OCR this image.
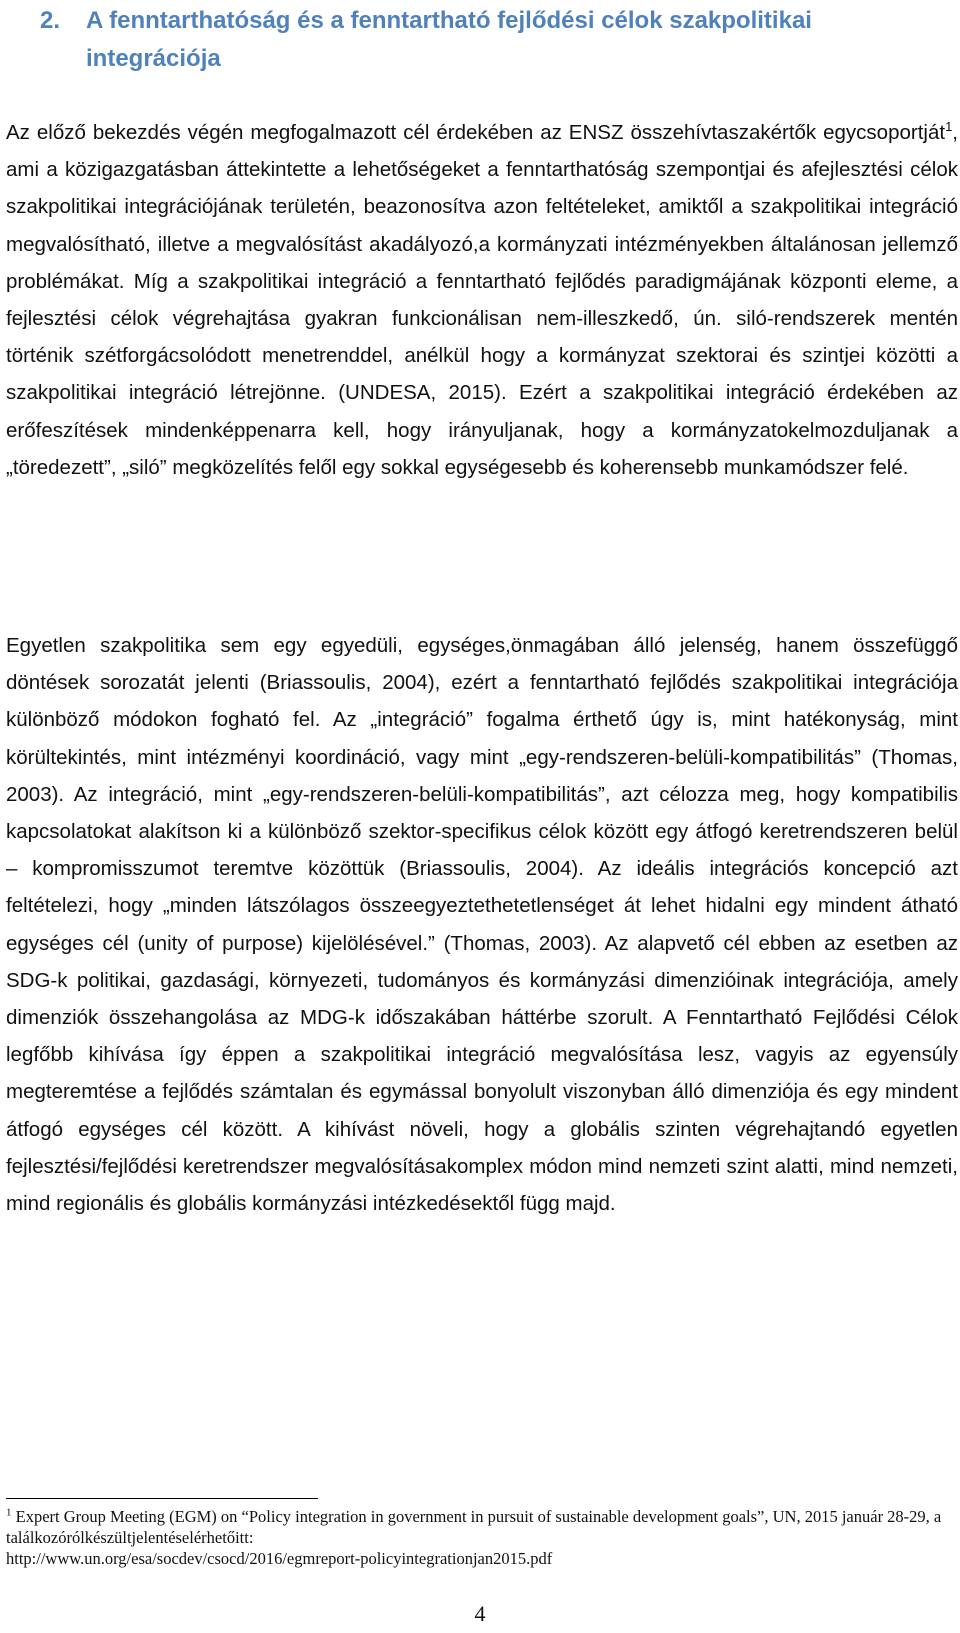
2. A fenntarthatóság és a fenntartható fejlődési célok szakpolitikai integrációja
Az előző bekezdés végén megfogalmazott cél érdekében az ENSZ összehívtaszakértők egycsoportját$^1$, ami a közigazgatásban áttekintette a lehetőségeket a fenntarthatóság szempontjai és afejlesztési célok szakpolitikai integrációjának területén, beazonosítva azon feltételeket, amiktől a szakpolitikai integráció megvalósítható, illetve a megvalósítást akadályozó,a kormányzati intézményekben általánosan jellemző problémákat. Míg a szakpolitikai integráció a fenntartható fejlődés paradigmájának központi eleme, a fejlesztési célok végrehajtása gyakran funkcionálisan nem-illeszkedő, ún. siló-rendszerek mentén történik szétforgácsolódott menetrenddel, anélkül hogy a kormányzat szektorai és szintjei közötti a szakpolitikai integráció létrejönne. (UNDESA, 2015). Ezért a szakpolitikai integráció érdekében az erőfeszítések mindenképpenarra kell, hogy irányuljanak, hogy a kormányzatokelmozduljanak a „töredezett”, „siló” megközelítés felől egy sokkal egységesebb és koherensebb munkamódszer felé.
Egyetlen szakpolitika sem egy egyedüli, egységes,önmagában álló jelenség, hanem összefüggő döntések sorozatát jelenti (Briassoulis, 2004), ezért a fenntartható fejlődés szakpolitikai integrációja különböző módokon fogható fel. Az „integráció” fogalma érthető úgy is, mint hatékonyság, mint körültekintés, mint intézményi koordináció, vagy mint „egy-rendszeren-belüli-kompatibilitás” (Thomas, 2003). Az integráció, mint „egy-rendszeren-belüli-kompatibilitás”, azt célozza meg, hogy kompatibilis kapcsolatokat alakítson ki a különböző szektor-specifikus célok között egy átfogó keretrendszeren belül – kompromisszumot teremtve közöttük (Briassoulis, 2004). Az ideális integrációs koncepció azt feltételezi, hogy „minden látszólagos összeegyeztethetetlenséget át lehet hidalni egy mindent átható egységes cél (unity of purpose) kijelölésével.” (Thomas, 2003). Az alapvető cél ebben az esetben az SDG-k politikai, gazdasági, környezeti, tudományos és kormányzási dimenzióinak integrációja, amely dimenziók összehangolása az MDG-k időszakában háttérbe szorult. A Fenntartható Fejlődési Célok legfőbb kihívása így éppen a szakpolitikai integráció megvalósítása lesz, vagyis az egyensúly megteremtése a fejlődés számtalan és egymással bonyolult viszonyban álló dimenziója és egy mindent átfogó egységes cél között. A kihívást növeli, hogy a globális szinten végrehajtandó egyetlen fejlesztési/fejlődési keretrendszer megvalósításakomplex módon mind nemzeti szint alatti, mind nemzeti, mind regionális és globális kormányzási intézkedésektől függ majd.
$^1$ Expert Group Meeting (EGM) on “Policy integration in government in pursuit of sustainable development goals”, UN, 2015 január 28-29, a találkozórólkészültjelentéselérhetőitt:
http://www.un.org/esa/socdev/csocd/2016/egmreport-policyintegrationjan2015.pdf
4
